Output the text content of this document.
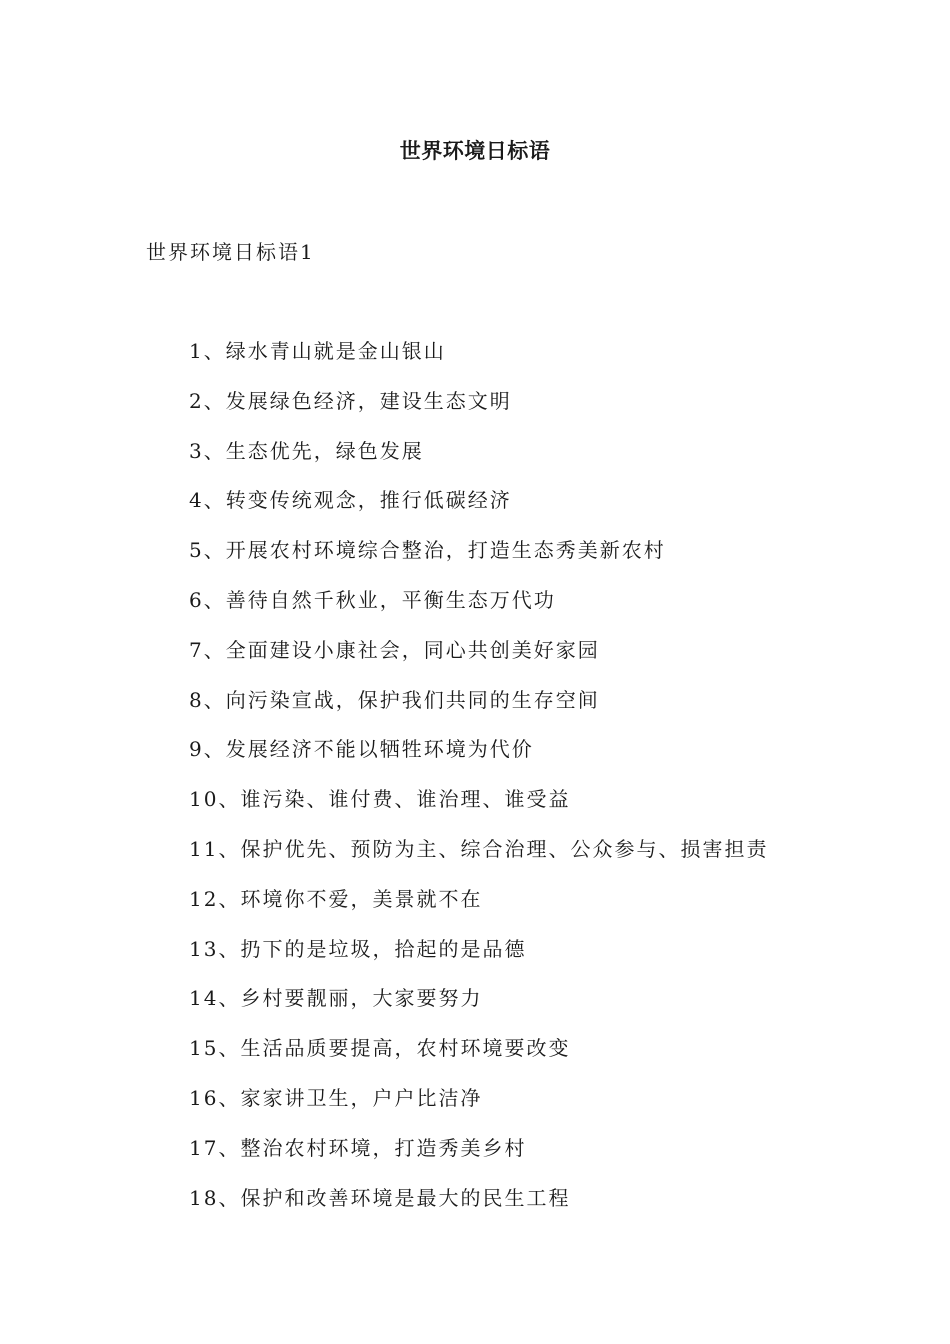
世界环境日标语
世界环境日标语1
1、绿水青山就是金山银山
2、发展绿色经济，建设生态文明
3、生态优先，绿色发展
4、转变传统观念，推行低碳经济
5、开展农村环境综合整治，打造生态秀美新农村
6、善待自然千秋业，平衡生态万代功
7、全面建设小康社会，同心共创美好家园
8、向污染宣战，保护我们共同的生存空间
9、发展经济不能以牺牲环境为代价
10、谁污染、谁付费、谁治理、谁受益
11、保护优先、预防为主、综合治理、公众参与、损害担责
12、环境你不爱，美景就不在
13、扔下的是垃圾，拾起的是品德
14、乡村要靓丽，大家要努力
15、生活品质要提高，农村环境要改变
16、家家讲卫生，户户比洁净
17、整治农村环境，打造秀美乡村
18、保护和改善环境是最大的民生工程
